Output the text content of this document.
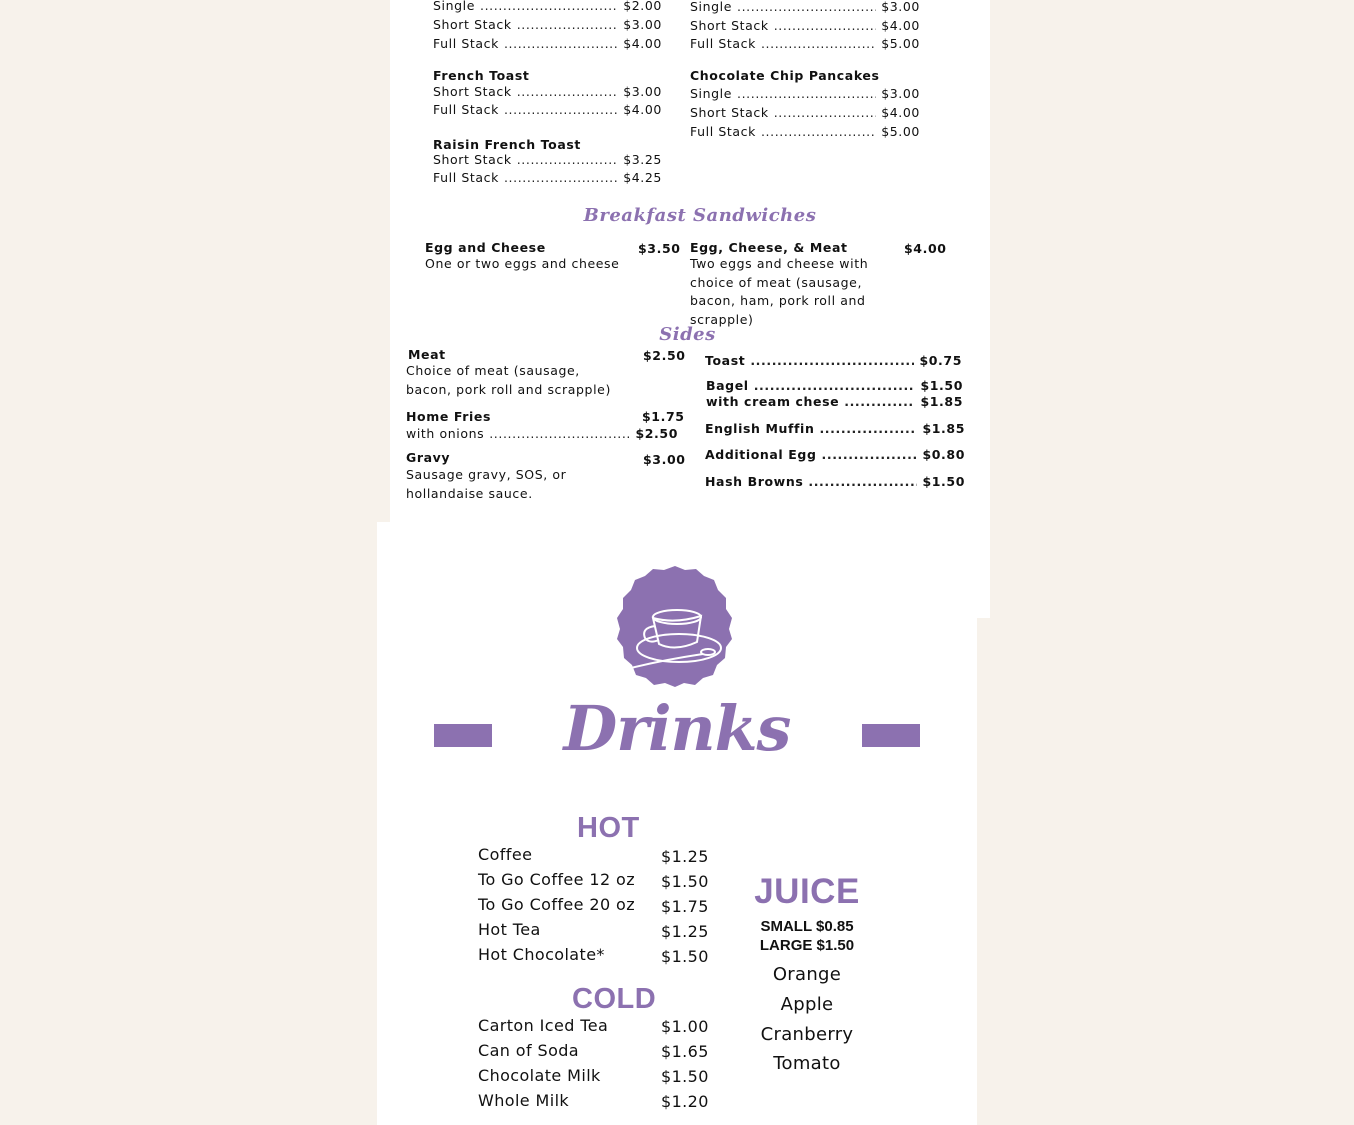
Single .....	$2.00
Short Stack .....	$3.00
Full Stack .....	$4.00
French Toast
Short Stack .....	$3.00
Full Stack .....	$4.00
Raisin French Toast
Short Stack .....	$3.25
Full Stack .....	$4.25
Single .....	$3.00
Short Stack .....	$4.00
Full Stack .....	$5.00
Chocolate Chip Pancakes
Single .....	$3.00
Short Stack .....	$4.00
Full Stack .....	$5.00
Breakfast Sandwiches
Egg and Cheese	$3.50
One or two eggs and cheese
Egg, Cheese, & Meat	$4.00
Two eggs and cheese with choice of meat (sausage, bacon, ham, pork roll and scrapple)
Sides
Meat	$2.50
Choice of meat (sausage, bacon, pork roll and scrapple)
Home Fries	$1.75
with onions .....	$2.50
Gravy	$3.00
Sausage gravy, SOS, or hollandaise sauce.
Toast .....	$0.75
Bagel .....	$1.50
with cream chese .....	$1.85
English Muffin .....	$1.85
Additional Egg .....	$0.80
Hash Browns .....	$1.50
Drinks
HOT
Coffee	$1.25
To Go Coffee 12 oz $1.50
To Go Coffee 20 oz $1.75
Hot Tea	$1.25
Hot Chocolate*	$1.50
COLD
Carton Iced Tea	$1.00
Can of Soda	$1.65
Chocolate Milk	$1.50
Whole Milk	$1.20
JUICE
SMALL $0.85
LARGE $1.50
Orange
Apple
Cranberry
Tomato
